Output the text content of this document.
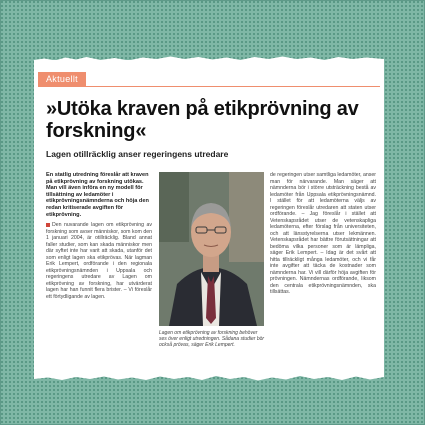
Aktuellt
»Utöka kraven på etikprövning av forskning«
Lagen otillräcklig anser regeringens utredare

En statlig utredning föreslår att kraven på etikprövning av forskning utökas. Man vill även införa en ny modell för tillsättning av ledamöter i etikprövningsnämnderna och höja den redan kritiserade avgiften för etikprövning.

Den nuvarande lagen om etikprövning av forskning som avser människor, som kom den 1 januari 2004, är otillräcklig. Bland annat faller studier, som kan skada människor men där syftet inte har varit att skada, utanför det som enligt lagen ska etikprövas. När lagman Erik Lempert, ordförande i den regionala etikprövningsnämnden i Uppsala och regeringens utredare av Lagen om etikprövning av forskning, har utvärderat lagen har han funnit flera brister. – Vi föreslår ett förtydligande av lagen.

Lagen om etikprövning av forskning behöver ses över enligt utredningen. Sådana studier bör också prövas, säger Erik Lempert.

de regeringen utser samtliga ledamöter, anser man för närvarande. Man säger att nämnderna bör i större utsträckning bestå av ledamöter från Uppsala etikprövningsnämnd. I stället för att ledamöterna väljs av regeringen föreslår utredaren att staten utser ordförande. – Jag föreslår i stället att Vetenskapsrådet utser de vetenskapliga ledamöterna, efter förslag från universiteten, och att länsstyrelserna utser lekmännen. Vetenskapsrådet har bättre förutsättningar att bedöma vilka personer som är lämpliga, säger Erik Lempert. – Idag är det svårt att hitta tillräckligt många ledamöter, och vi får inte avgifter att täcka de kostnader som nämnderna har. Vi vill därför höja avgiften för prövningen. Nämndernas ordförande, liksom den centrala etikprövningsnämnden, ska tillsättas.
